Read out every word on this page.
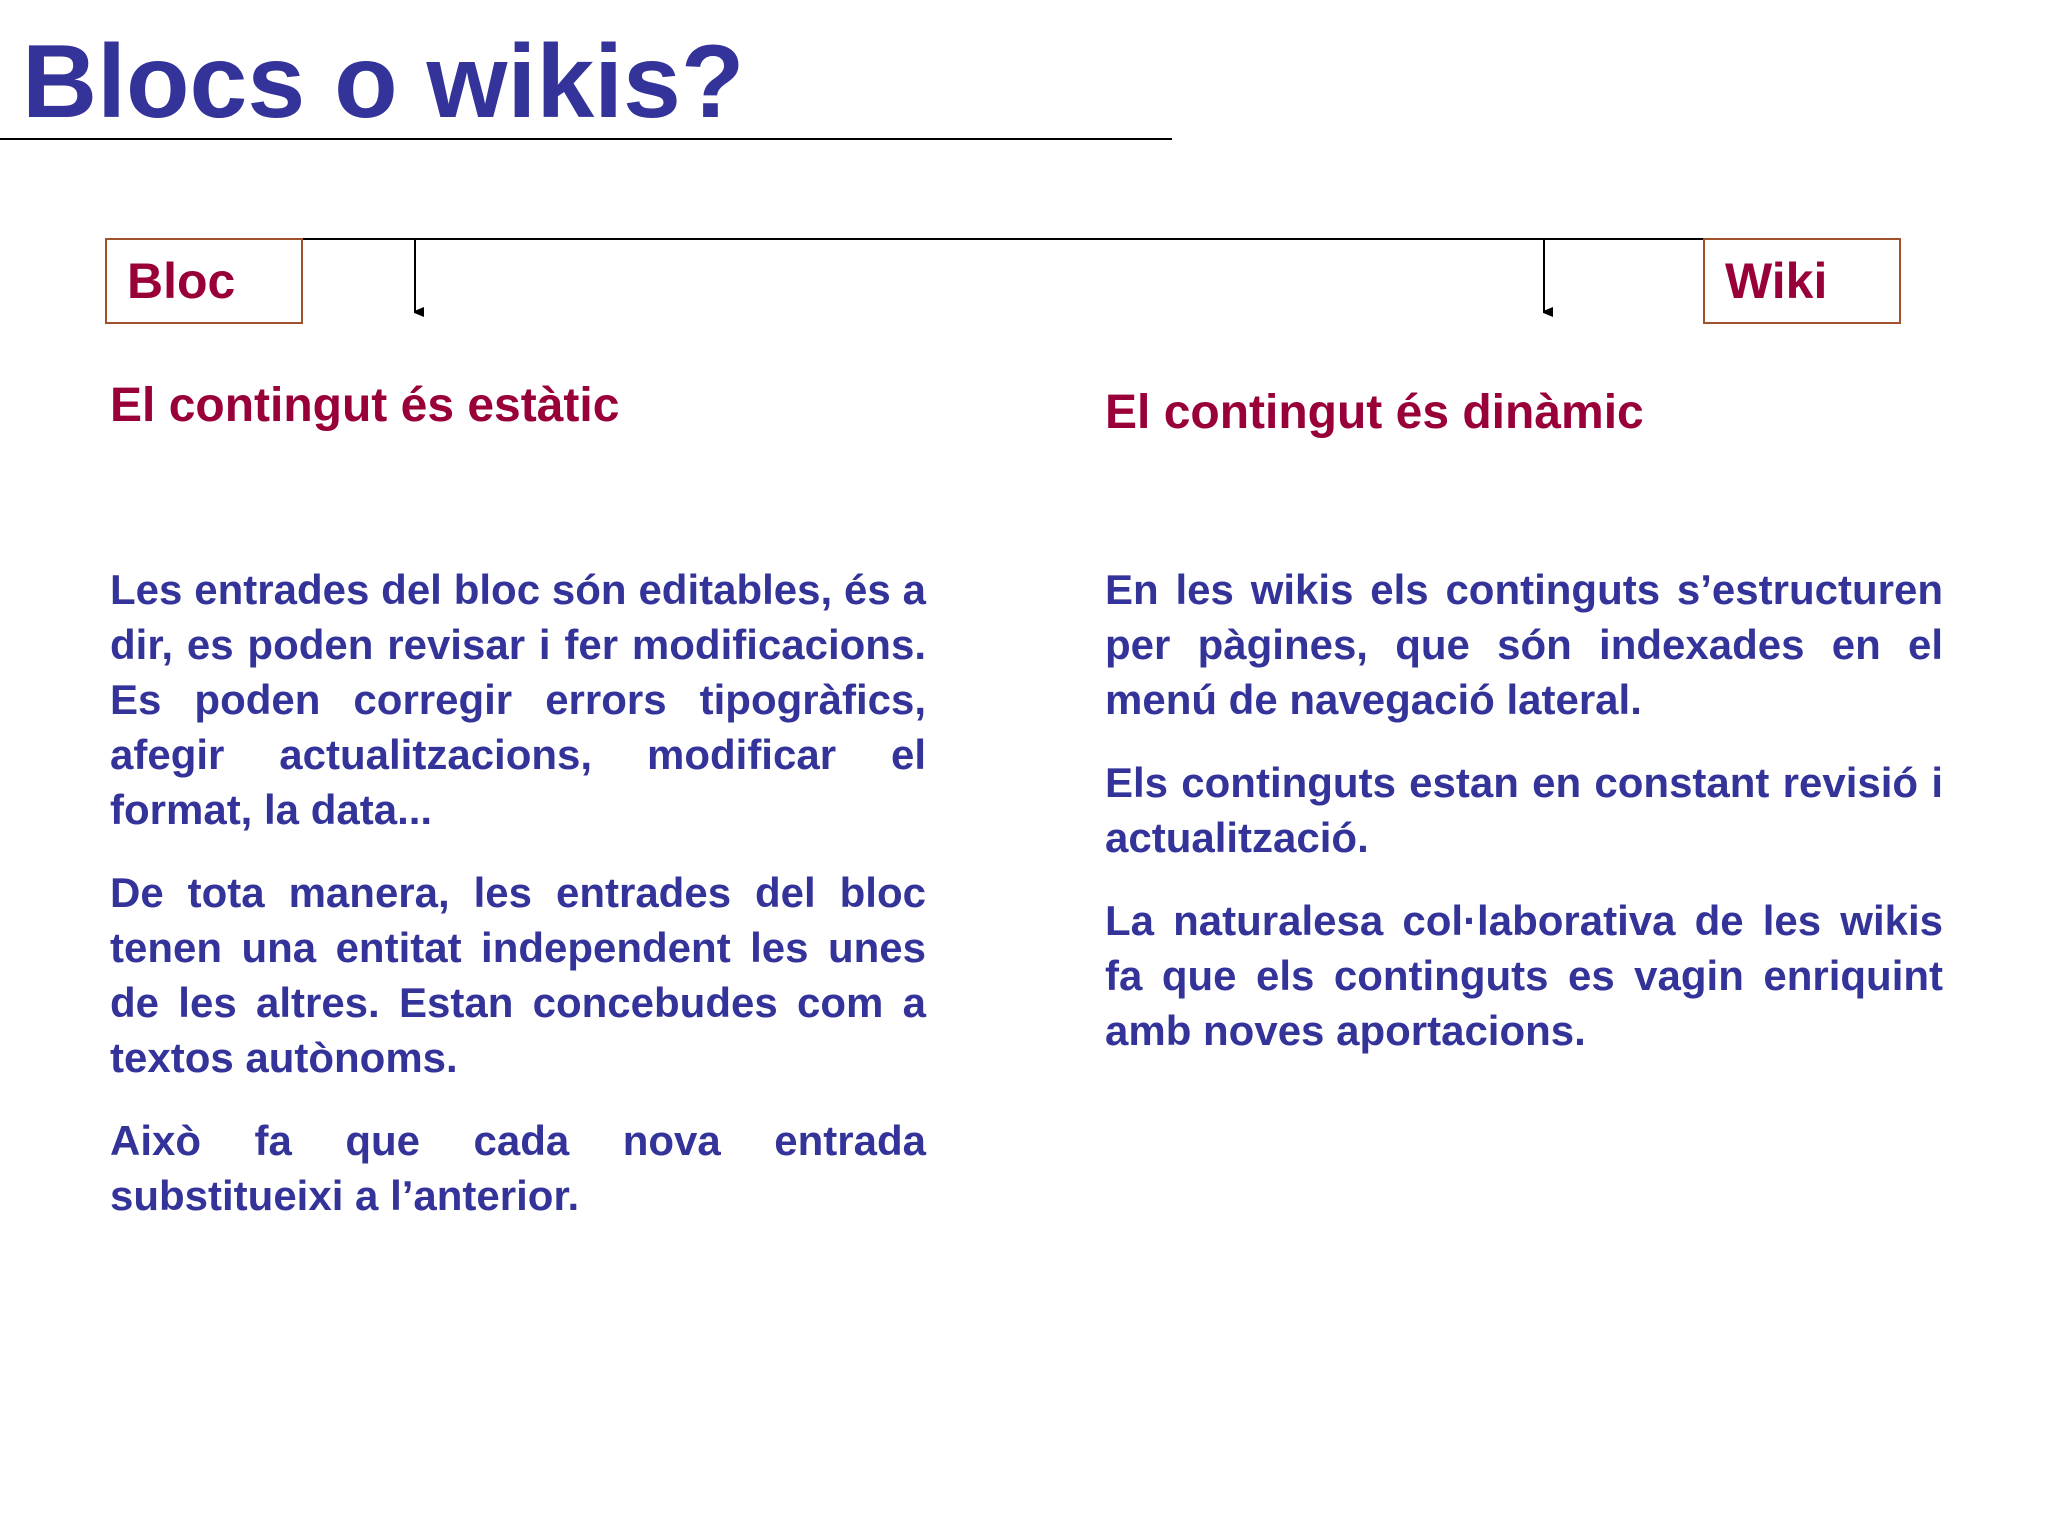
Blocs o wikis?
Bloc	Wiki
El contingut és estàtic	El contingut és dinàmic

Les entrades del bloc són editables, és a dir, es poden revisar i fer modificacions. Es poden corregir errors tipogràfics, afegir actualitzacions, modificar el format, la data...

De tota manera, les entrades del bloc tenen una entitat independent les unes de les altres. Estan concebudes com a textos autònoms.

Això fa que cada nova entrada substitueixi a l’anterior.

En les wikis els continguts s’estructuren per pàgines, que són indexades en el menú de navegació lateral.

Els continguts estan en constant revisió i actualització.

La naturalesa col·laborativa de les wikis fa que els continguts es vagin enriquint amb noves aportacions.
